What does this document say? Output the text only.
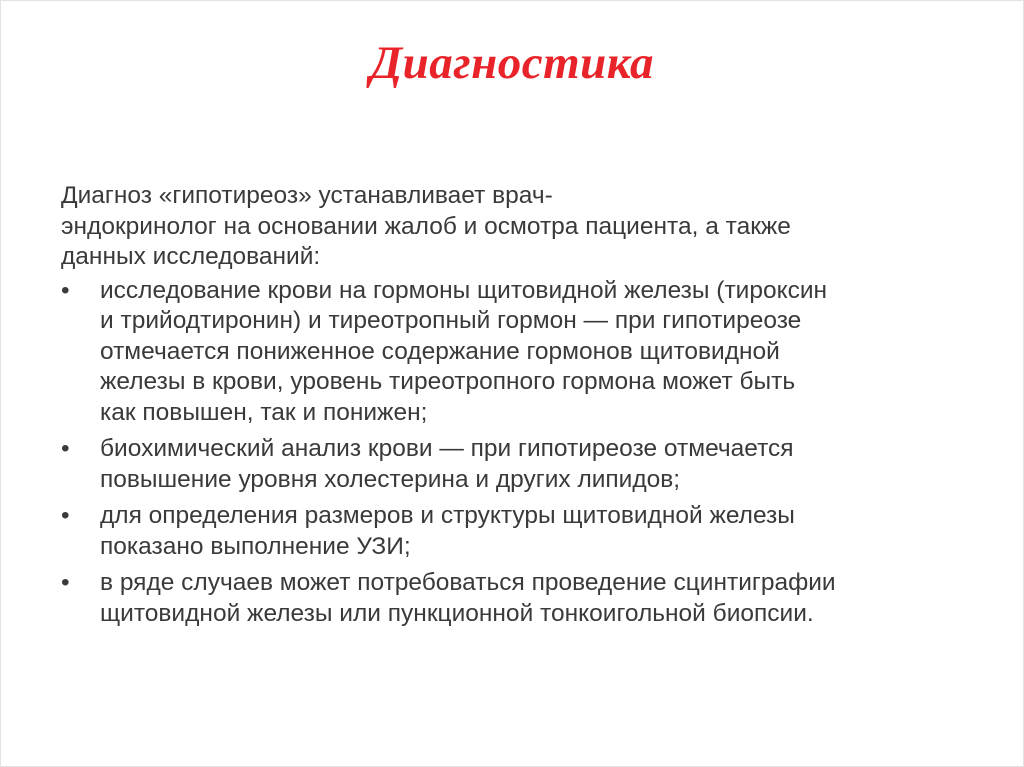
Диагностика

Диагноз «гипотиреоз» устанавливает врач-
эндокринолог на основании жалоб и осмотра пациента, а также
данных исследований:

•	исследование крови на гормоны щитовидной железы (тироксин
и трийодтиронин) и тиреотропный гормон — при гипотиреозе
отмечается пониженное содержание гормонов щитовидной
железы в крови, уровень тиреотропного гормона может быть
как повышен, так и понижен;
•	биохимический анализ крови — при гипотиреозе отмечается
повышение уровня холестерина и других липидов;
•	для определения размеров и структуры щитовидной железы
показано выполнение УЗИ;
•	в ряде случаев может потребоваться проведение сцинтиграфии
щитовидной железы или пункционной тонкоигольной биопсии.
